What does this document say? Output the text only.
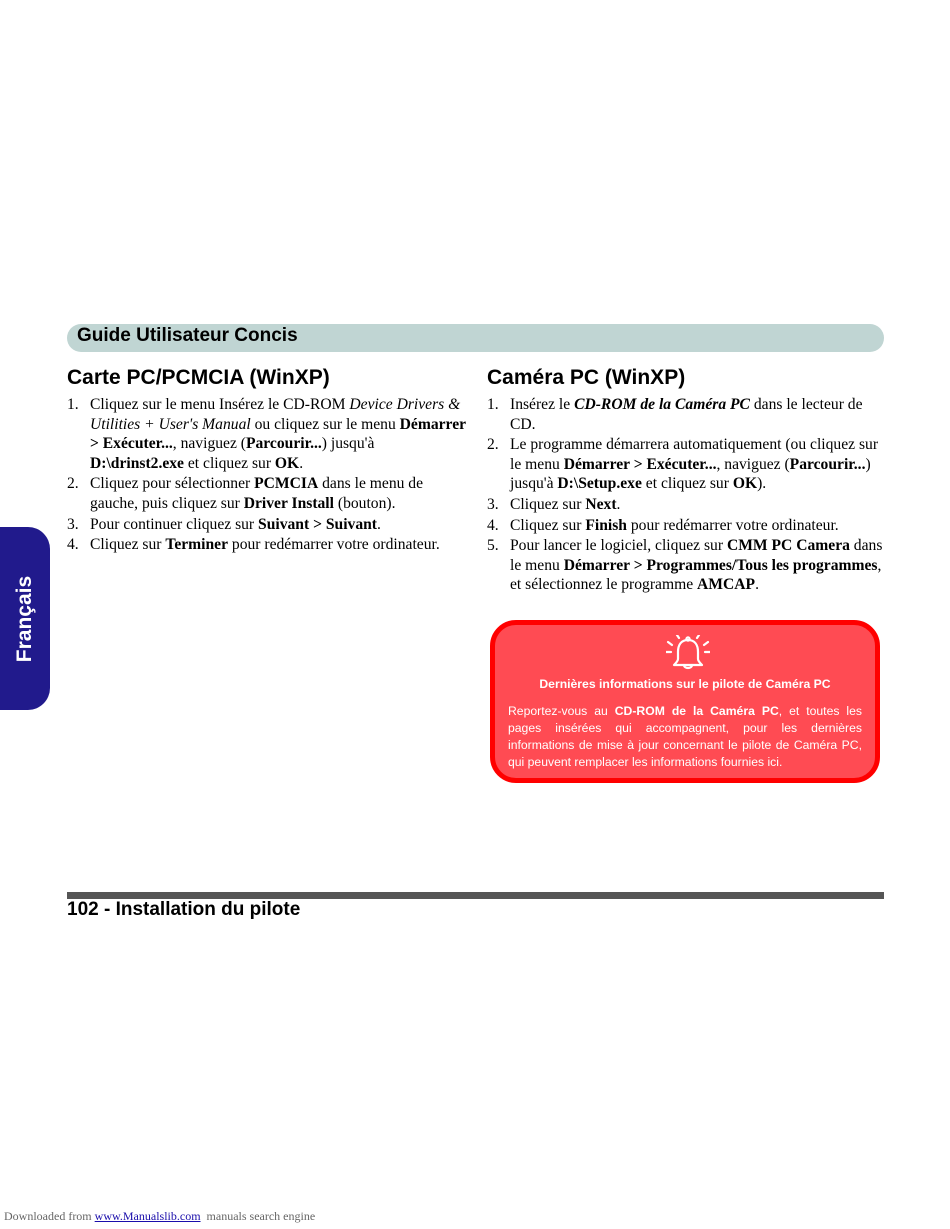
Guide Utilisateur Concis
Français
Carte PC/PCMCIA (WinXP)
1. Cliquez sur le menu Insérez le CD-ROM Device Drivers & Utilities + User's Manual ou cliquez sur le menu Démarrer > Exécuter..., naviguez (Parcourir...) jusqu'à D:\drinst2.exe et cliquez sur OK.
2. Cliquez pour sélectionner PCMCIA dans le menu de gauche, puis cliquez sur Driver Install (bouton).
3. Pour continuer cliquez sur Suivant > Suivant.
4. Cliquez sur Terminer pour redémarrer votre ordinateur.
Caméra PC (WinXP)
1. Insérez le CD-ROM de la Caméra PC dans le lecteur de CD.
2. Le programme démarrera automatiquement (ou cliquez sur le menu Démarrer > Exécuter..., naviguez (Parcourir...) jusqu'à D:\Setup.exe et cliquez sur OK).
3. Cliquez sur Next.
4. Cliquez sur Finish pour redémarrer votre ordinateur.
5. Pour lancer le logiciel, cliquez sur CMM PC Camera dans le menu Démarrer > Programmes/Tous les programmes, et sélectionnez le programme AMCAP.
Dernières informations sur le pilote de Caméra PC
Reportez-vous au CD-ROM de la Caméra PC, et toutes les pages insérées qui accompagnent, pour les dernières informations de mise à jour concernant le pilote de Caméra PC, qui peuvent remplacer les informations fournies ici.
102 - Installation du pilote
Downloaded from www.Manualslib.com  manuals search engine
